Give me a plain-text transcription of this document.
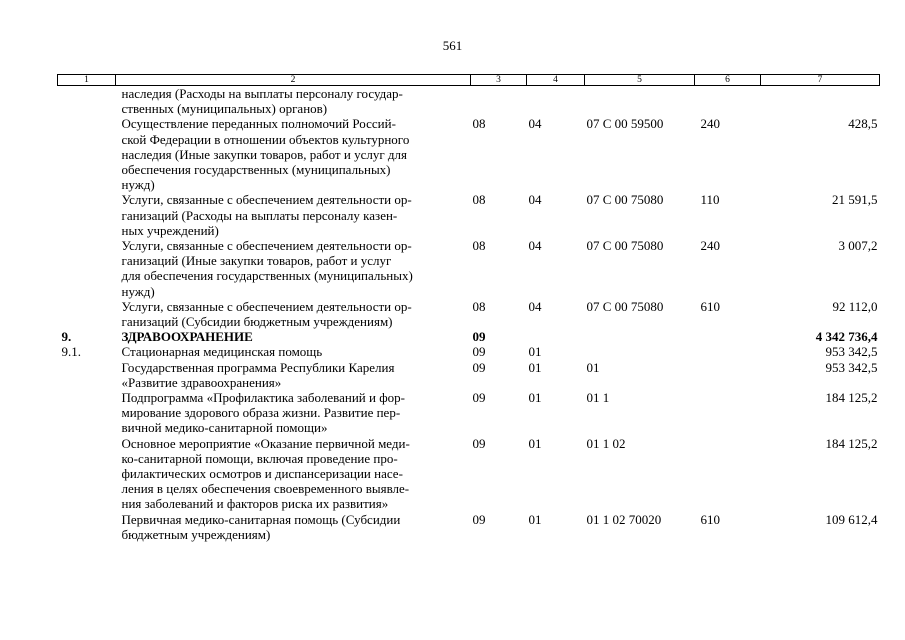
561
1	2	3	4	5	6	7
	наследия (Расходы на выплаты персоналу государ-
ственных (муниципальных) органов)					
	Осуществление переданных полномочий Россий-
ской Федерации в отношении объектов культурного
наследия (Иные закупки товаров, работ и услуг для
обеспечения государственных (муниципальных)
нужд)	08	04	07 С 00 59500	240	428,5
	Услуги, связанные с обеспечением деятельности ор-
ганизаций (Расходы на выплаты персоналу казен-
ных учреждений)	08	04	07 С 00 75080	110	21 591,5
	Услуги, связанные с обеспечением деятельности ор-
ганизаций (Иные закупки товаров, работ и услуг
для обеспечения государственных (муниципальных)
нужд)	08	04	07 С 00 75080	240	3 007,2
	Услуги, связанные с обеспечением деятельности ор-
ганизаций (Субсидии бюджетным учреждениям)	08	04	07 С 00 75080	610	92 112,0
9.	ЗДРАВООХРАНЕНИЕ	09				4 342 736,4
9.1.	Стационарная медицинская помощь	09	01			953 342,5
	Государственная программа Республики Карелия
«Развитие здравоохранения»	09	01	01		953 342,5
	Подпрограмма «Профилактика заболеваний и фор-
мирование здорового образа жизни. Развитие пер-
вичной медико-санитарной помощи»	09	01	01 1		184 125,2
	Основное мероприятие «Оказание первичной меди-
ко-санитарной помощи, включая проведение про-
филактических осмотров и диспансеризации насе-
ления в целях обеспечения своевременного выявле-
ния заболеваний и факторов риска их развития»	09	01	01 1 02		184 125,2
	Первичная медико-санитарная помощь (Субсидии
бюджетным учреждениям)	09	01	01 1 02 70020	610	109 612,4
